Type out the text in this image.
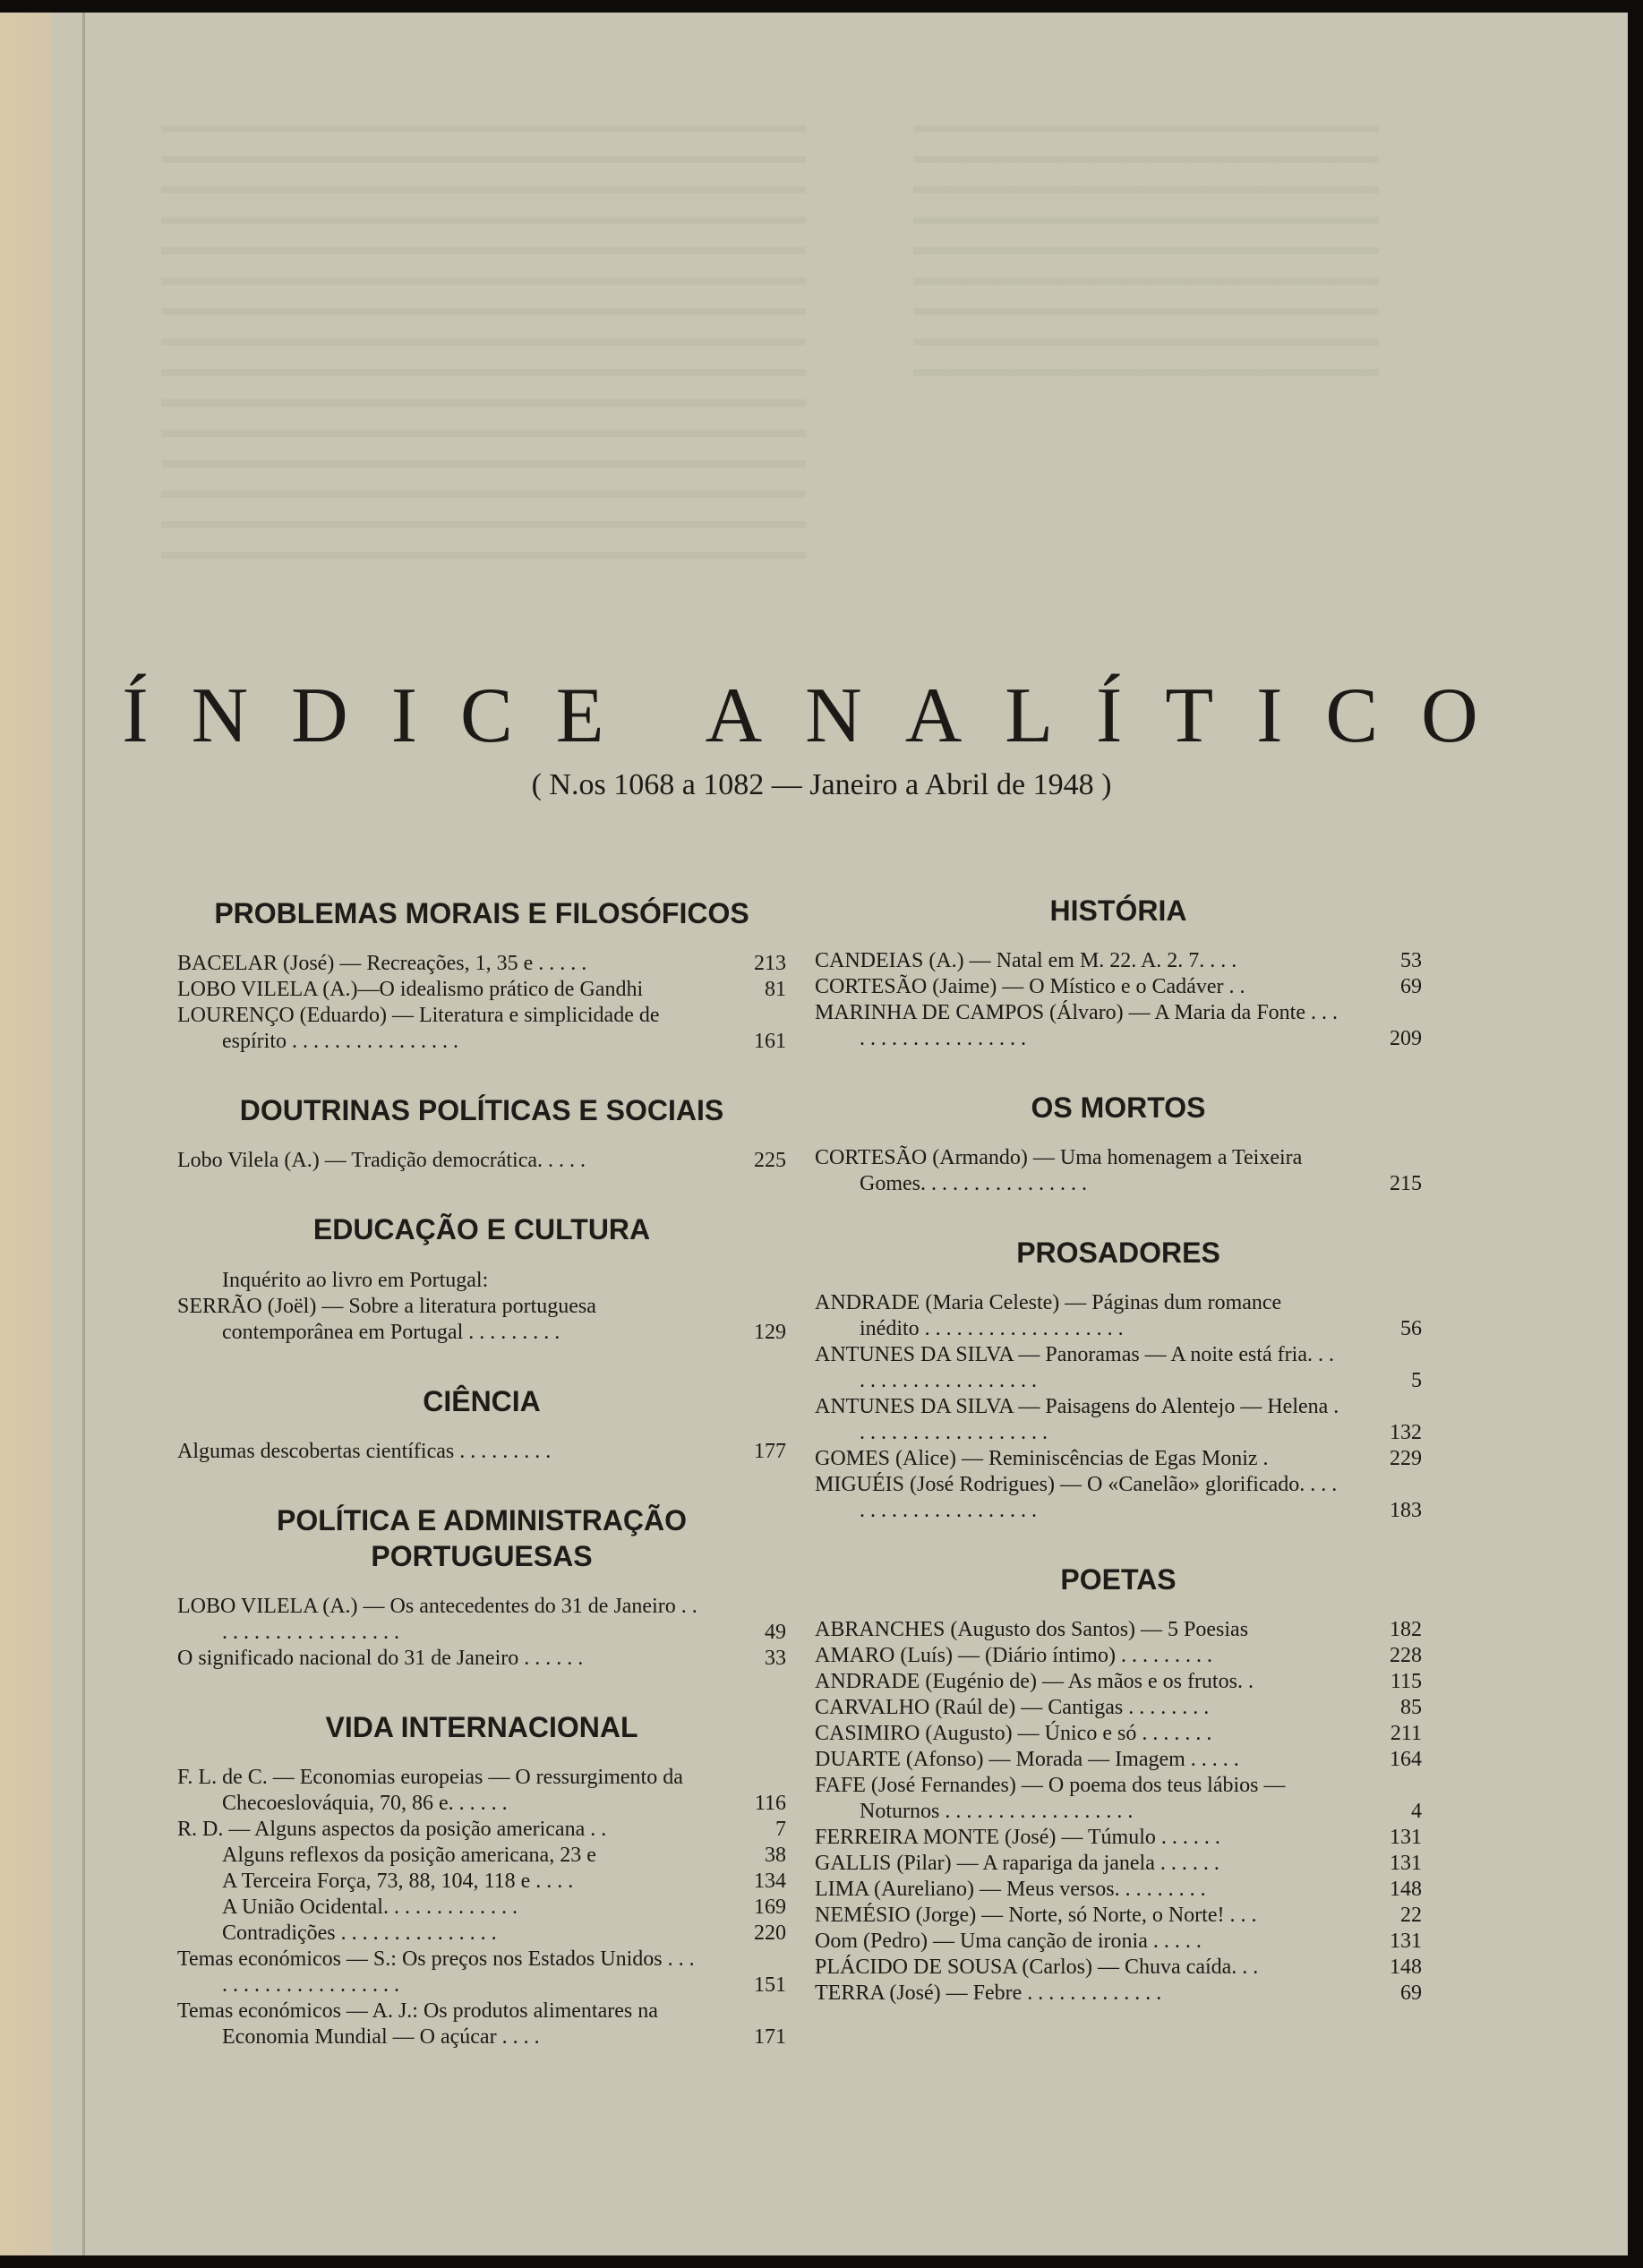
ÍNDICE ANALÍTICO
( N.os 1068 a 1082 — Janeiro a Abril de 1948 )
PROBLEMAS MORAIS E FILOSÓFICOS

BACELAR (José) — Recreações, 1, 35 e . . . . .	213

LOBO VILELA (A.)—O idealismo prático de Gandhi	81

LOURENÇO (Eduardo) — Literatura e simplicidade de espírito . . . . . . . . . . . . . . . .	161

DOUTRINAS POLÍTICAS E SOCIAIS

Lobo Vilela (A.) — Tradição democrática. . . . .	225

EDUCAÇÃO E CULTURA

Inquérito ao livro em Portugal:

SERRÃO (Joël) — Sobre a literatura portuguesa contemporânea em Portugal . . . . . . . . .	129

CIÊNCIA

Algumas descobertas científicas . . . . . . . . .	177

POLÍTICA E ADMINISTRAÇÃO PORTUGUESAS

LOBO VILELA (A.) — Os antecedentes do 31 de Janeiro . . . . . . . . . . . . . . . . . . .	49

O significado nacional do 31 de Janeiro . . . . . .	33

VIDA INTERNACIONAL

F. L. de C. — Economias europeias — O ressurgimento da Checoeslováquia, 70, 86 e. . . . . .	116

R. D. — Alguns aspectos da posição americana . .	7

Alguns reflexos da posição americana, 23 e	38

A Terceira Força, 73, 88, 104, 118 e . . . .	134

A União Ocidental. . . . . . . . . . . . .	169

Contradições . . . . . . . . . . . . . . .	220

Temas económicos — S.: Os preços nos Estados Unidos . . . . . . . . . . . . . . . . . . . .	151

Temas económicos — A. J.: Os produtos alimentares na Economia Mundial — O açúcar . . . .	171

HISTÓRIA

CANDEIAS (A.) — Natal em M. 22. A. 2. 7. . . .	53

CORTESÃO (Jaime) — O Místico e o Cadáver . .	69

MARINHA DE CAMPOS (Álvaro) — A Maria da Fonte . . . . . . . . . . . . . . . . . . .	209

OS MORTOS

CORTESÃO (Armando) — Uma homenagem a Teixeira Gomes. . . . . . . . . . . . . . . .	215

PROSADORES

ANDRADE (Maria Celeste) — Páginas dum romance inédito . . . . . . . . . . . . . . . . . . .	56

ANTUNES DA SILVA — Panoramas — A noite está fria. . . . . . . . . . . . . . . . . . . .	5

ANTUNES DA SILVA — Paisagens do Alentejo — Helena . . . . . . . . . . . . . . . . . . .	132

GOMES (Alice) — Reminiscências de Egas Moniz .	229

MIGUÉIS (José Rodrigues) — O «Canelão» glorificado. . . . . . . . . . . . . . . . . . . . .	183

POETAS

ABRANCHES (Augusto dos Santos) — 5 Poesias	182

AMARO (Luís) — (Diário íntimo) . . . . . . . . .	228

ANDRADE (Eugénio de) — As mãos e os frutos. .	115

CARVALHO (Raúl de) — Cantigas . . . . . . . .	85

CASIMIRO (Augusto) — Único e só . . . . . . .	211

DUARTE (Afonso) — Morada — Imagem . . . . .	164

FAFE (José Fernandes) — O poema dos teus lábios — Noturnos . . . . . . . . . . . . . . . . . .	4

FERREIRA MONTE (José) — Túmulo . . . . . .	131

GALLIS (Pilar) — A rapariga da janela . . . . . .	131

LIMA (Aureliano) — Meus versos. . . . . . . . .	148

NEMÉSIO (Jorge) — Norte, só Norte, o Norte! . . .	22

Oom (Pedro) — Uma canção de ironia . . . . .	131

PLÁCIDO DE SOUSA (Carlos) — Chuva caída. . .	148

TERRA (José) — Febre . . . . . . . . . . . . .	69
